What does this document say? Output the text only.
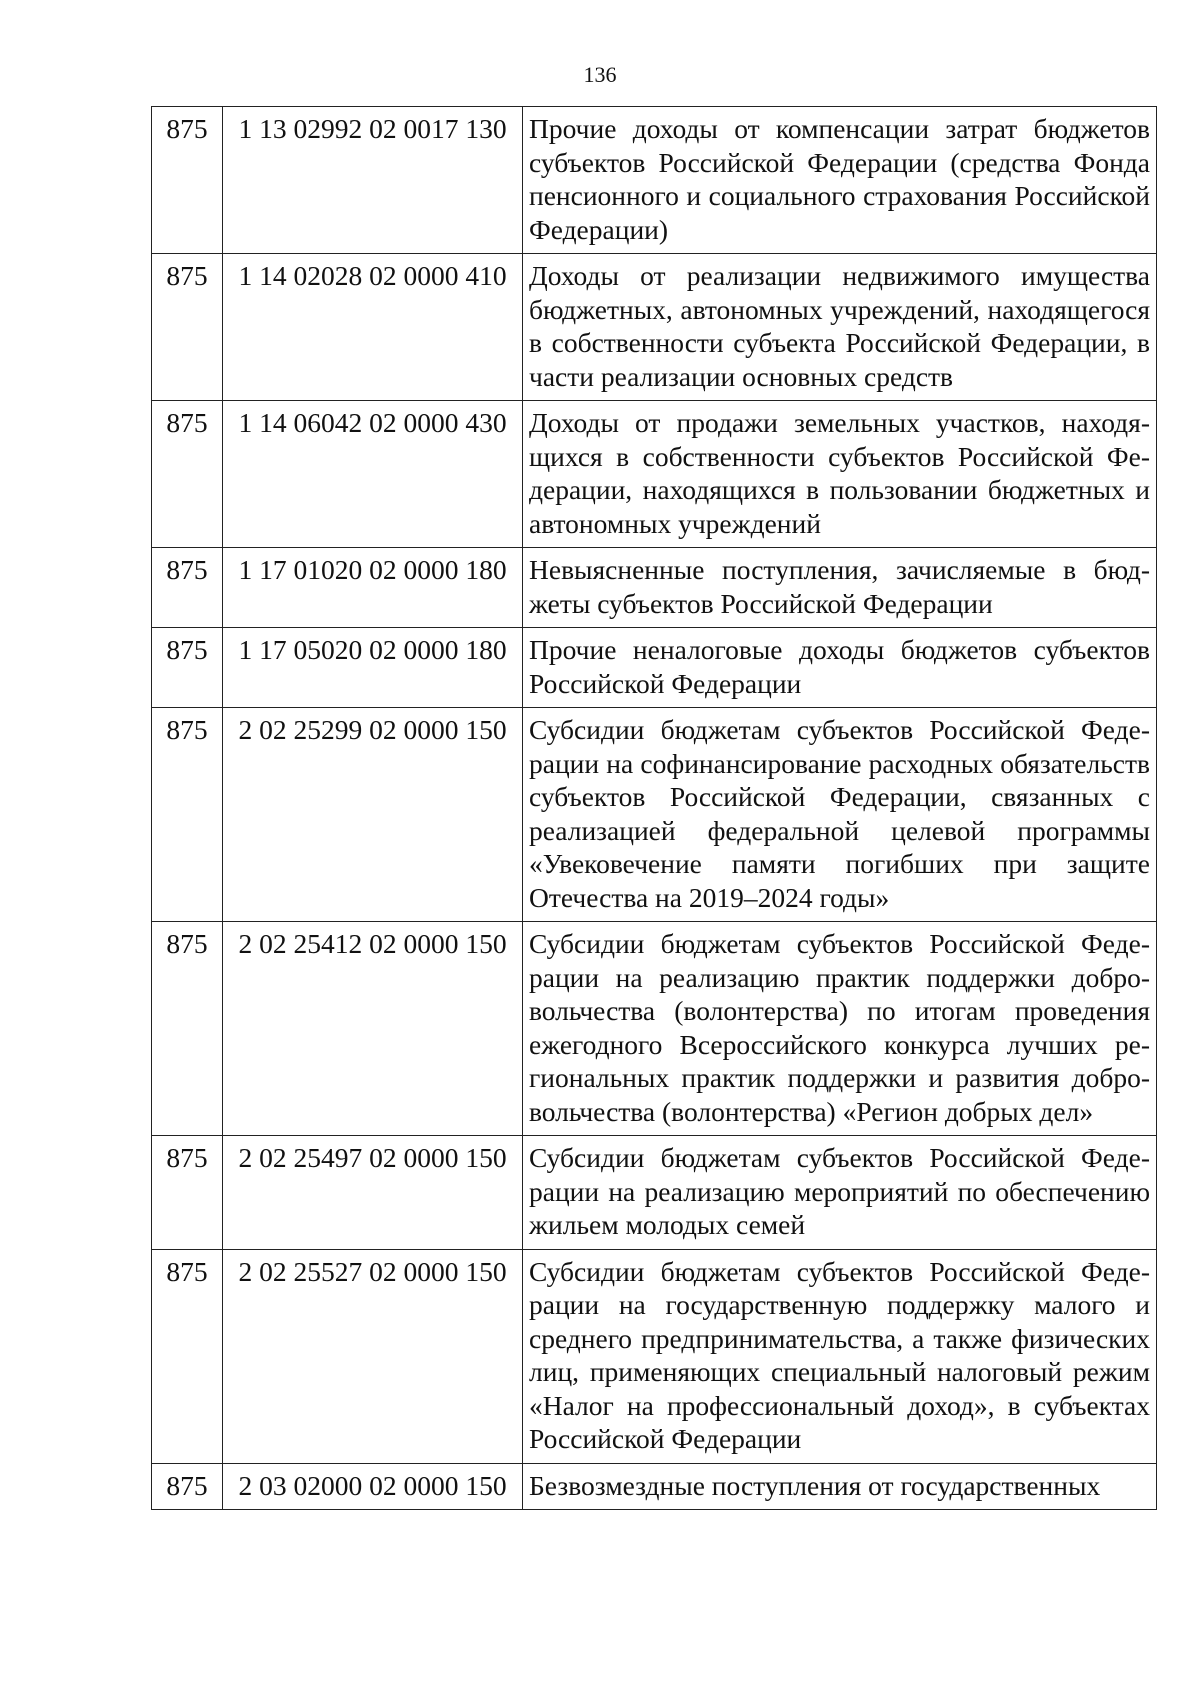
136
875	1 13 02992 02 0017 130	Прочие доходы от компенсации затрат бюджетов субъектов Российской Федерации (средства Фонда пенсионного и социального страхования Российской Федерации)
875	1 14 02028 02 0000 410	Доходы от реализации недвижимого имущества бюджетных, автономных учреждений, находящегося в собственности субъекта Российской Федерации, в части реализации основных средств
875	1 14 06042 02 0000 430	Доходы от продажи земельных участков, находящихся в собственности субъектов Российской Федерации, находящихся в пользовании бюджетных и автономных учреждений
875	1 17 01020 02 0000 180	Невыясненные поступления, зачисляемые в бюджеты субъектов Российской Федерации
875	1 17 05020 02 0000 180	Прочие неналоговые доходы бюджетов субъектов Российской Федерации
875	2 02 25299 02 0000 150	Субсидии бюджетам субъектов Российской Федерации на софинансирование расходных обязательств субъектов Российской Федерации, связанных с реализацией федеральной целевой программы «Увековечение памяти погибших при защите Отечества на 2019–2024 годы»
875	2 02 25412 02 0000 150	Субсидии бюджетам субъектов Российской Федерации на реализацию практик поддержки добровольчества (волонтерства) по итогам проведения ежегодного Всероссийского конкурса лучших региональных практик поддержки и развития добровольчества (волонтерства) «Регион добрых дел»
875	2 02 25497 02 0000 150	Субсидии бюджетам субъектов Российской Федерации на реализацию мероприятий по обеспечению жильем молодых семей
875	2 02 25527 02 0000 150	Субсидии бюджетам субъектов Российской Федерации на государственную поддержку малого и среднего предпринимательства, а также физических лиц, применяющих специальный налоговый режим «Налог на профессиональный доход», в субъектах Российской Федерации
875	2 03 02000 02 0000 150	Безвозмездные поступления от государственных
